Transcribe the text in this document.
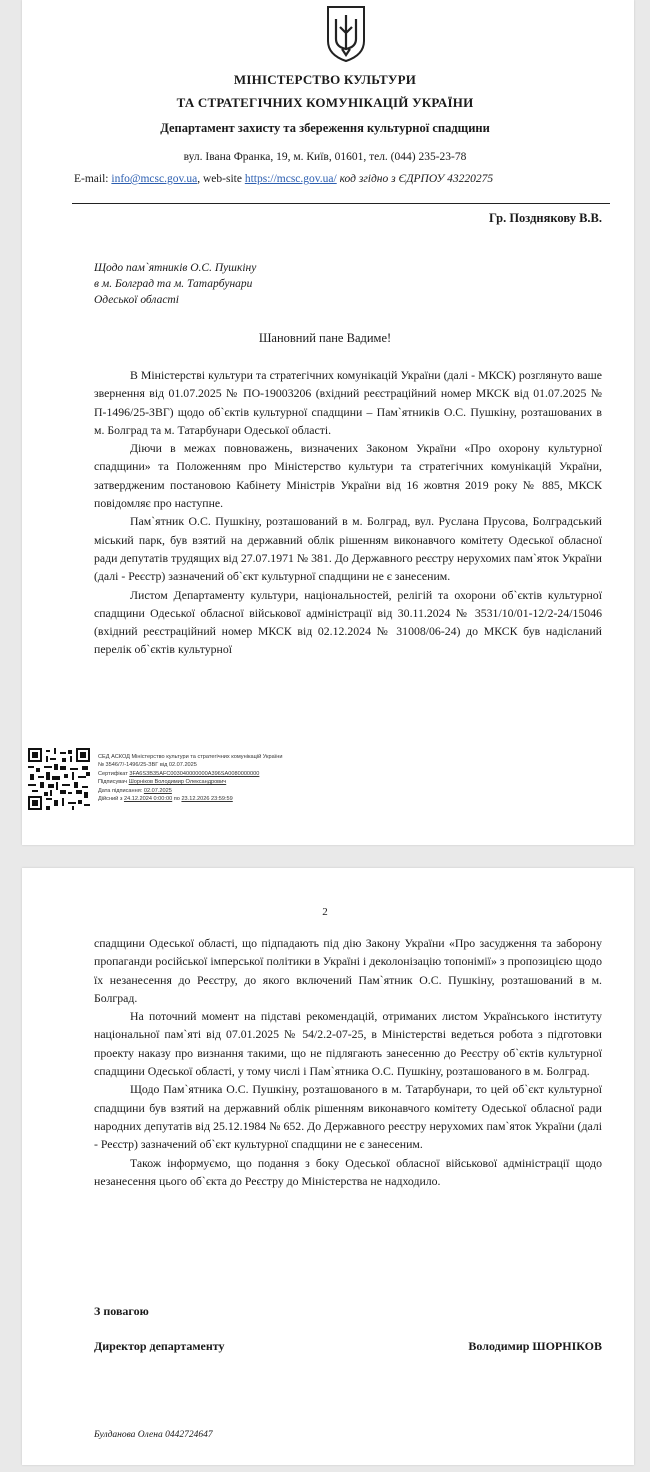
МІНІСТЕРСТВО КУЛЬТУРИ
ТА СТРАТЕГІЧНИХ КОМУНІКАЦІЙ УКРАЇНИ
Департамент захисту та збереження культурної спадщини
вул. Івана Франка, 19, м. Київ, 01601, тел. (044) 235-23-78
E-mail: info@mcsc.gov.ua, web-site https://mcsc.gov.ua/ код згідно з ЄДРПОУ 43220275
Гр. Позднякову В.В.
Щодо пам`ятників О.С. Пушкіну
в м. Болград та м. Татарбунари
Одеської області
Шановний пане Вадиме!

В Міністерстві культури та стратегічних комунікацій України (далі - МКСК) розглянуто ваше звернення від 01.07.2025 № ПО-19003206 (вхідний реєстраційний номер МКСК від 01.07.2025 № П-1496/25-ЗВГ) щодо об`єктів культурної спадщини – Пам`ятників О.С. Пушкіну, розташованих в м. Болград та м. Татарбунари Одеської області.

Діючи в межах повноважень, визначених Законом України «Про охорону культурної спадщини» та Положенням про Міністерство культури та стратегічних комунікацій України, затвердженим постановою Кабінету Міністрів України від 16 жовтня 2019 року № 885, МКСК повідомляє про наступне.

Пам`ятник О.С. Пушкіну, розташований в м. Болград, вул. Руслана Прусова, Болградський міський парк, був взятий на державний облік рішенням виконавчого комітету Одеської обласної ради депутатів трудящих від 27.07.1971 № 381. До Державного реєстру нерухомих пам`яток України (далі - Реєстр) зазначений об`єкт культурної спадщини не є занесеним.

Листом Департаменту культури, національностей, релігій та охорони об`єктів культурної спадщини Одеської обласної військової адміністрації від 30.11.2024 № 3531/10/01-12/2-24/15046 (вхідний реєстраційний номер МКСК від 02.12.2024 № 31008/06-24) до МКСК був надісланий перелік об`єктів культурної

СЕД АСКОД Міністерство культури та стратегічних комунікацій України
№ 3546/7/-1496/25-ЗВГ від 02.07.2025
Сертифікат 3FA6S3B35AFC003040000000A396SA0080000000
Підписувач Шорніков Володимир Олександрович
Дата підписання: 02.07.2025
Дійсний з 24.12.2024 0:00:00 по 23.12.2026 23:59:59
2

спадщини Одеської області, що підпадають під дію Закону України «Про засудження та заборону пропаганди російської імперської політики в Україні і деколонізацію топонімії» з пропозицією щодо їх незанесення до Реєстру, до якого включений Пам`ятник О.С. Пушкіну, розташований в м. Болград.

На поточний момент на підставі рекомендацій, отриманих листом Українського інституту національної пам`яті від 07.01.2025 № 54/2.2-07-25, в Міністерстві ведеться робота з підготовки проекту наказу про визнання такими, що не підлягають занесенню до Реєстру об`єктів культурної спадщини Одеської області, у тому числі і Пам`ятника О.С. Пушкіну, розташованого в м. Болград.

Щодо Пам`ятника О.С. Пушкіну, розташованого в м. Татарбунари, то цей об`єкт культурної спадщини був взятий на державний облік рішенням виконавчого комітету Одеської обласної ради народних депутатів від 25.12.1984 № 652. До Державного реєстру нерухомих пам`яток України (далі - Реєстр) зазначений об`єкт культурної спадщини не є занесеним.

Також інформуємо, що подання з боку Одеської обласної військової адміністрації щодо незанесення цього об`єкта до Реєстру до Міністерства не надходило.

З повагою
Директор департаменту	Володимир ШОРНІКОВ
Булданова Олена 0442724647
